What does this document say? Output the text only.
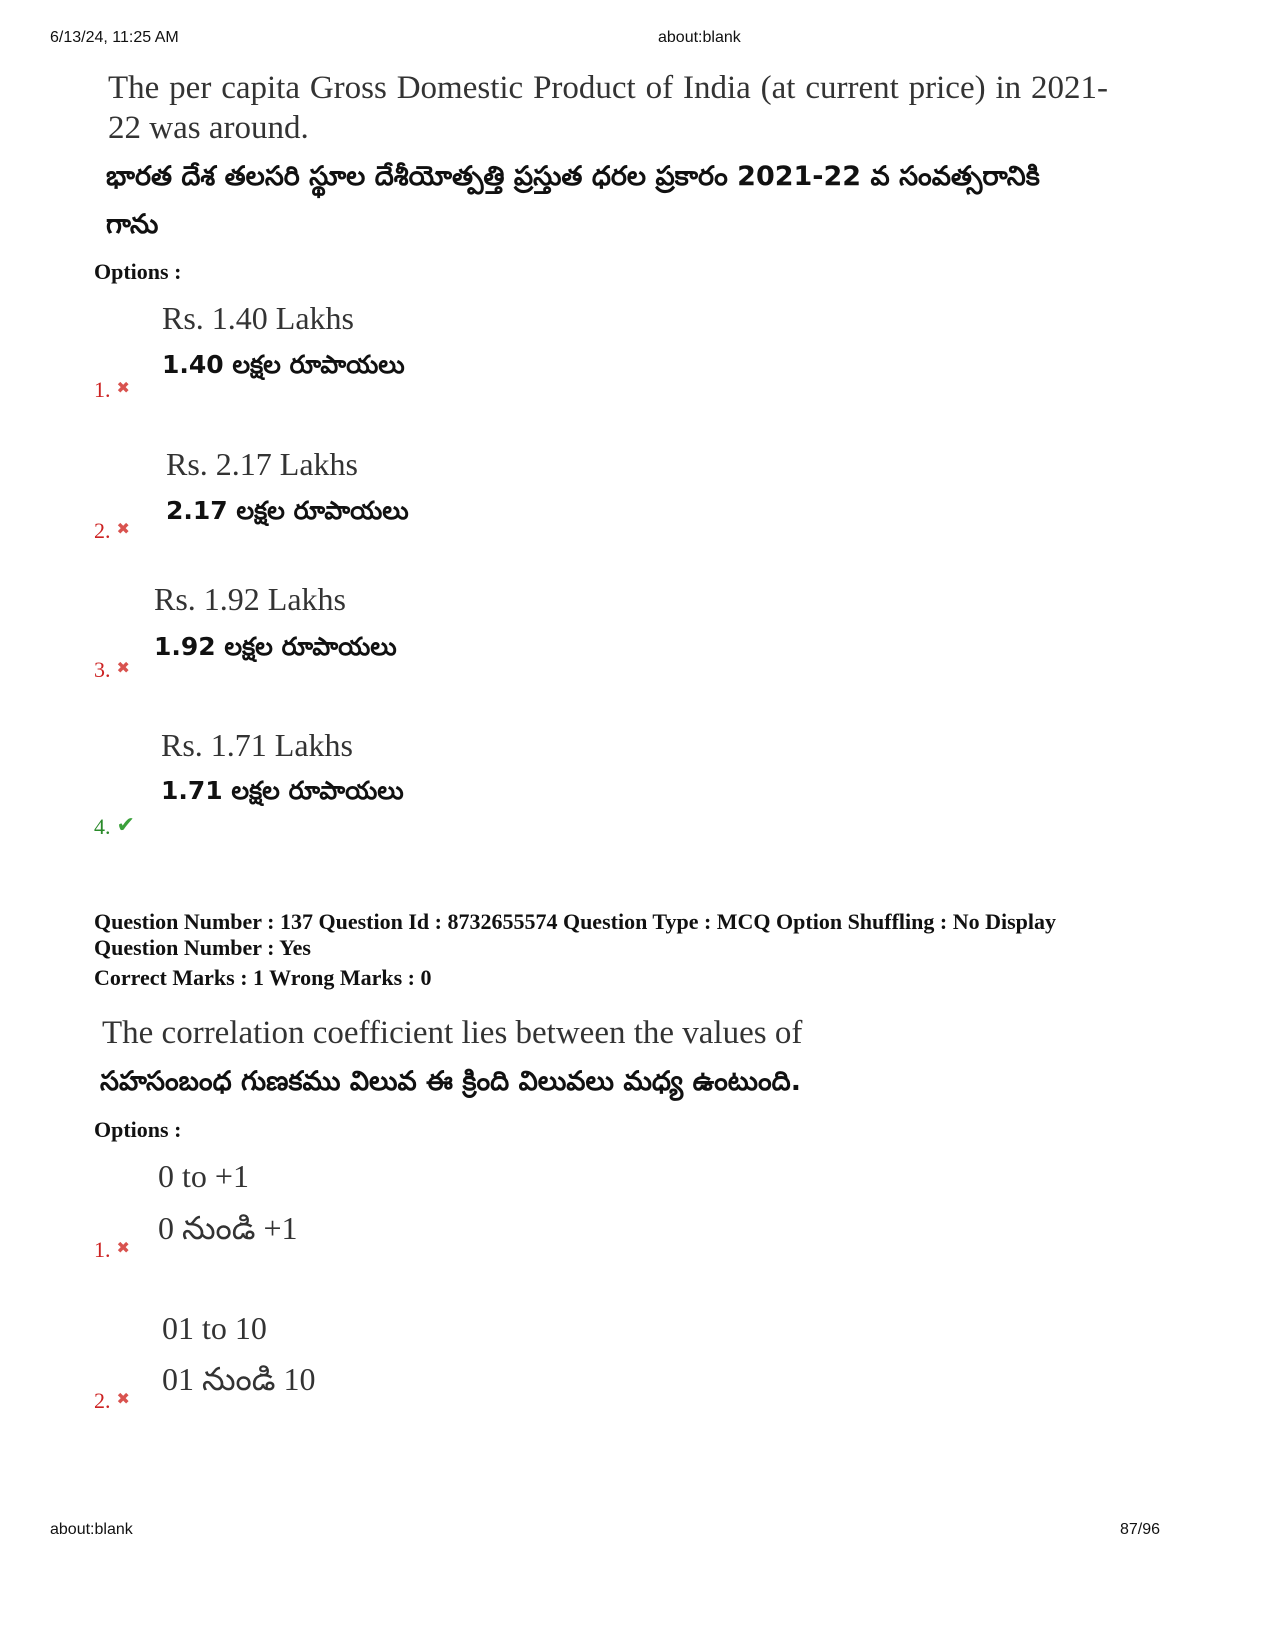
6/13/24, 11:25 AM	about:blank
The per capita Gross Domestic Product of India (at current price) in 2021-22 was around.
భారత దేశ తలసరి స్థూల దేశీయోత్పత్తి ప్రస్తుత ధరల ప్రకారం 2021-22 వ సంవత్సరానికి గాను
Options :
Rs. 1.40 Lakhs
1.40 లక్షల రూపాయలు
1. ✖
Rs. 2.17 Lakhs
2.17 లక్షల రూపాయలు
2. ✖
Rs. 1.92 Lakhs
1.92 లక్షల రూపాయలు
3. ✖
Rs. 1.71 Lakhs
1.71 లక్షల రూపాయలు
4. ✔
Question Number : 137 Question Id : 8732655574 Question Type : MCQ Option Shuffling : No Display
Question Number : Yes
Correct Marks : 1 Wrong Marks : 0
The correlation coefficient lies between the values of
సహసంబంధ గుణకము విలువ ఈ క్రింది విలువలు మధ్య ఉంటుంది.
Options :
0 to +1
0 నుండి +1
1. ✖
01 to 10
01 నుండి 10
2. ✖
about:blank	87/96
